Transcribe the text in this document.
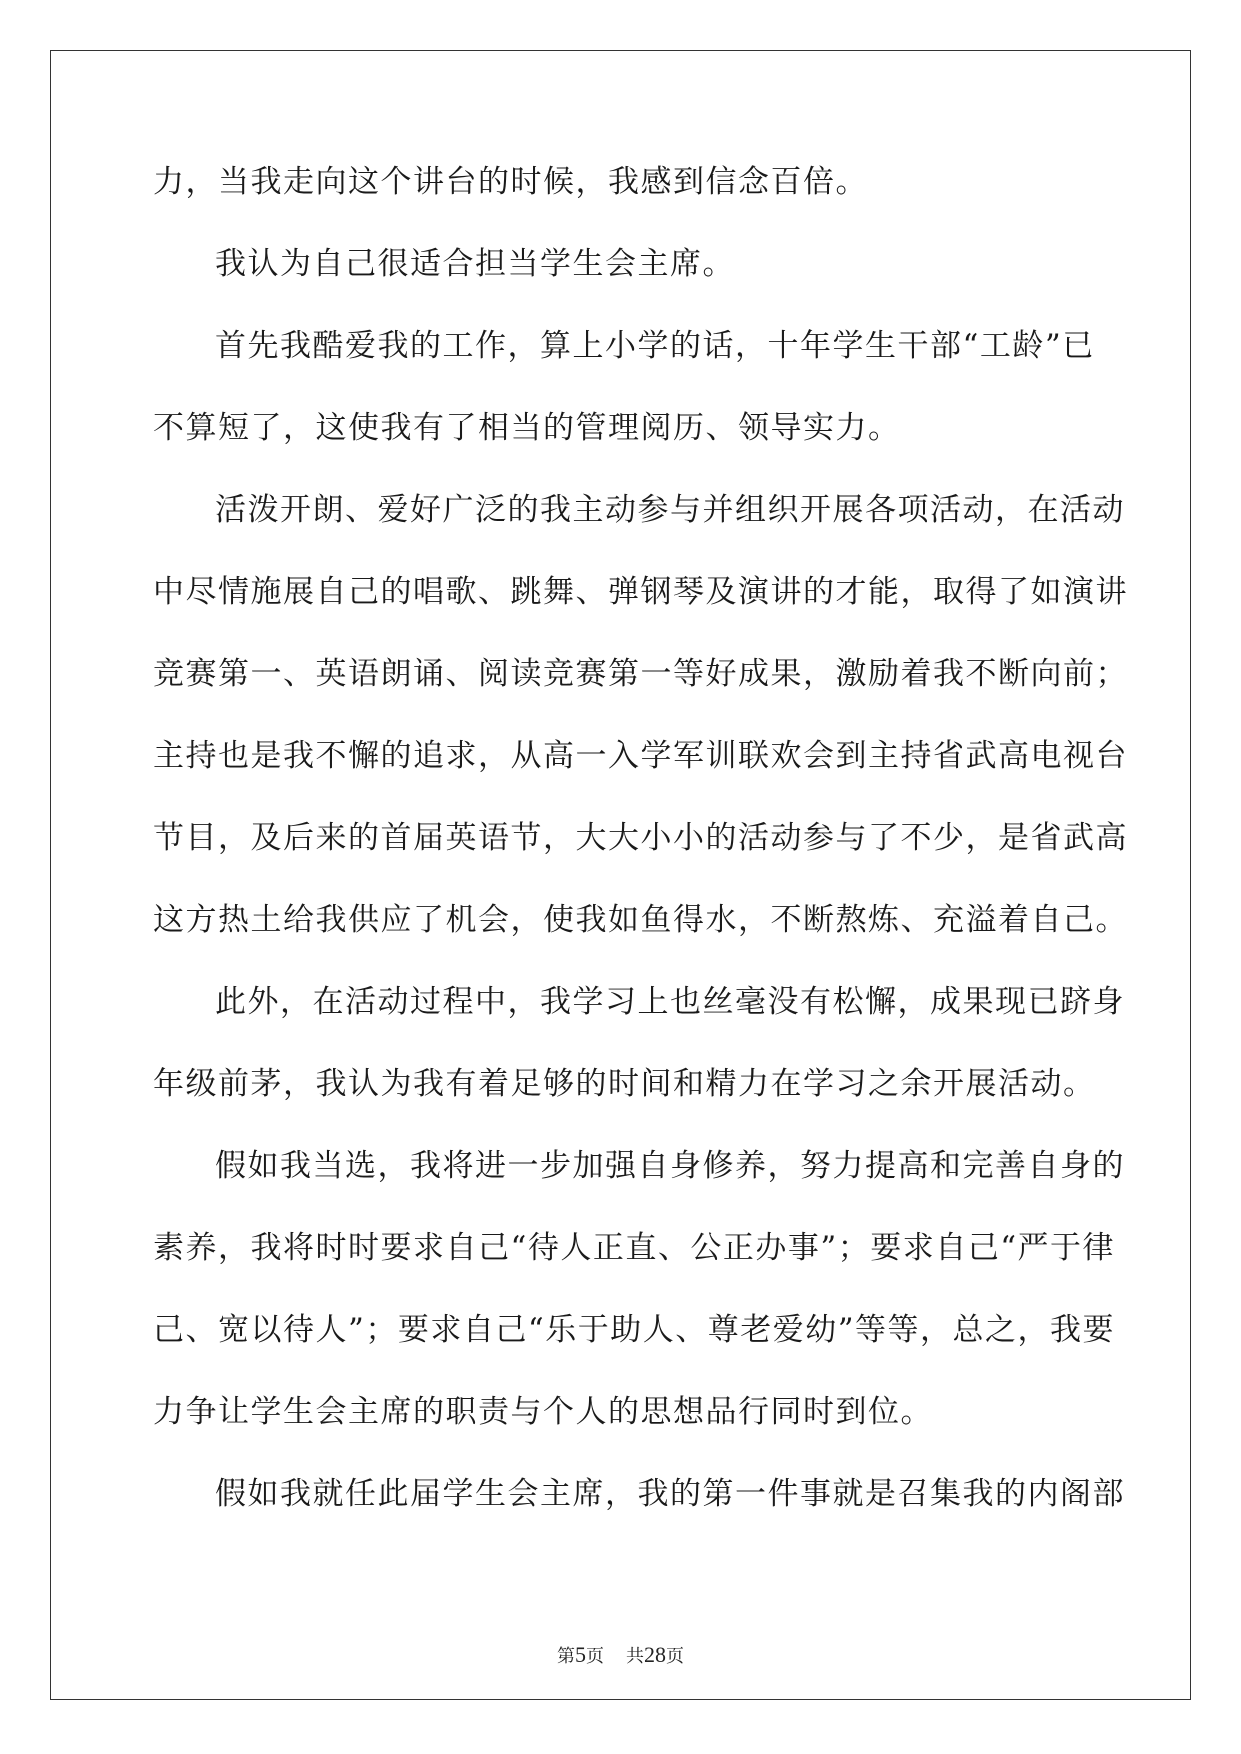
力，当我走向这个讲台的时候，我感到信念百倍。
我认为自己很适合担当学生会主席。
首先我酷爱我的工作，算上小学的话，十年学生干部“工龄”已
不算短了，这使我有了相当的管理阅历、领导实力。
活泼开朗、爱好广泛的我主动参与并组织开展各项活动，在活动
中尽情施展自己的唱歌、跳舞、弹钢琴及演讲的才能，取得了如演讲
竞赛第一、英语朗诵、阅读竞赛第一等好成果，激励着我不断向前；
主持也是我不懈的追求，从高一入学军训联欢会到主持省武高电视台
节目，及后来的首届英语节，大大小小的活动参与了不少，是省武高
这方热土给我供应了机会，使我如鱼得水，不断熬炼、充溢着自己。
此外，在活动过程中，我学习上也丝毫没有松懈，成果现已跻身
年级前茅，我认为我有着足够的时间和精力在学习之余开展活动。
假如我当选，我将进一步加强自身修养，努力提高和完善自身的
素养，我将时时要求自己“待人正直、公正办事”；要求自己“严于律
己、宽以待人”；要求自己“乐于助人、尊老爱幼”等等，总之，我要
力争让学生会主席的职责与个人的思想品行同时到位。
假如我就任此届学生会主席，我的第一件事就是召集我的内阁部
第5页 共28页
